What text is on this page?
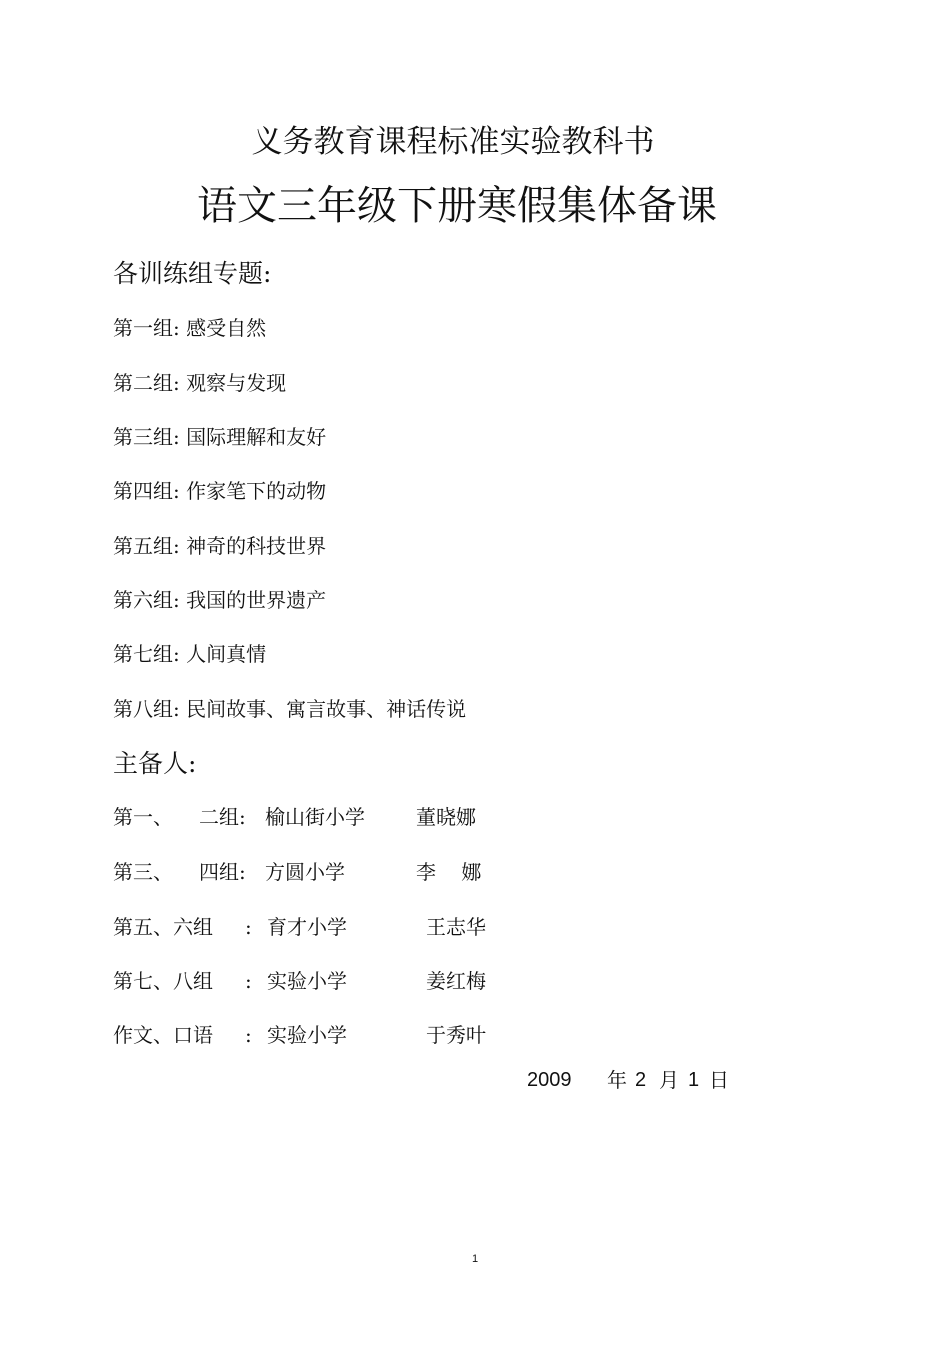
义务教育课程标准实验教科书
语文三年级下册寒假集体备课
各训练组专题:
第一组: 感受自然
第二组: 观察与发现
第三组: 国际理解和友好
第四组: 作家笔下的动物
第五组: 神奇的科技世界
第六组: 我国的世界遗产
第七组: 人间真情
第八组: 民间故事、寓言故事、神话传说
主备人:
第一、 二组: 榆山街小学	董晓娜
第三、 四组: 方圆小学	李    娜
第五、六组 : 育才小学	王志华
第七、八组 : 实验小学	姜红梅
作文、口语 : 实验小学	于秀叶
2009 年 2 月 1 日
1
